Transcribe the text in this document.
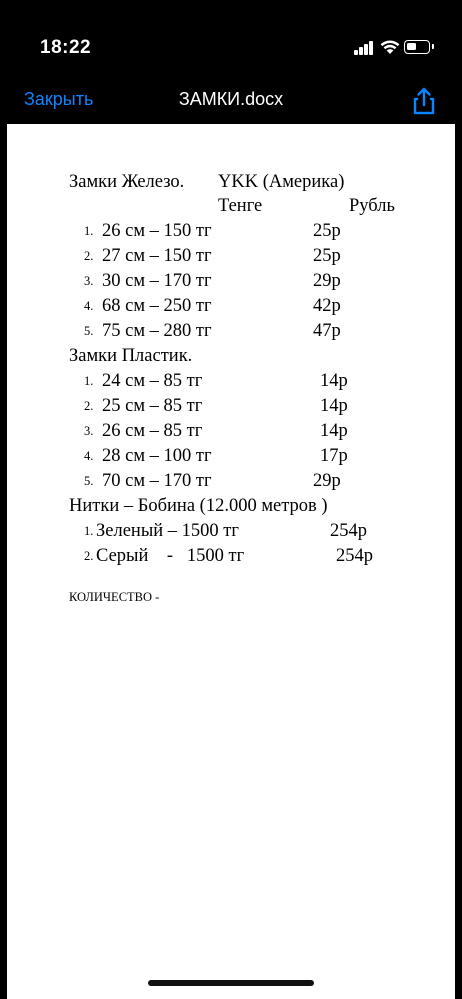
18:22
Закрыть	ЗАМКИ.docx
Замки Железо. YKK (Америка)
Тенге	Рубль
1. 26 см – 150 тг	25р
2. 27 см – 150 тг	25р
3. 30 см – 170 тг	29р
4. 68 см – 250 тг	42р
5. 75 см – 280 тг	47р
Замки Пластик.
1. 24 см – 85 тг	14р
2. 25 см – 85 тг	14р
3. 26 см – 85 тг	14р
4. 28 см – 100 тг	17р
5. 70 см – 170 тг	29р
Нитки – Бобина (12.000 метров )
1. Зеленый – 1500 тг	254р
2. Серый    -   1500 тг	254р
КОЛИЧЕСТВО -
